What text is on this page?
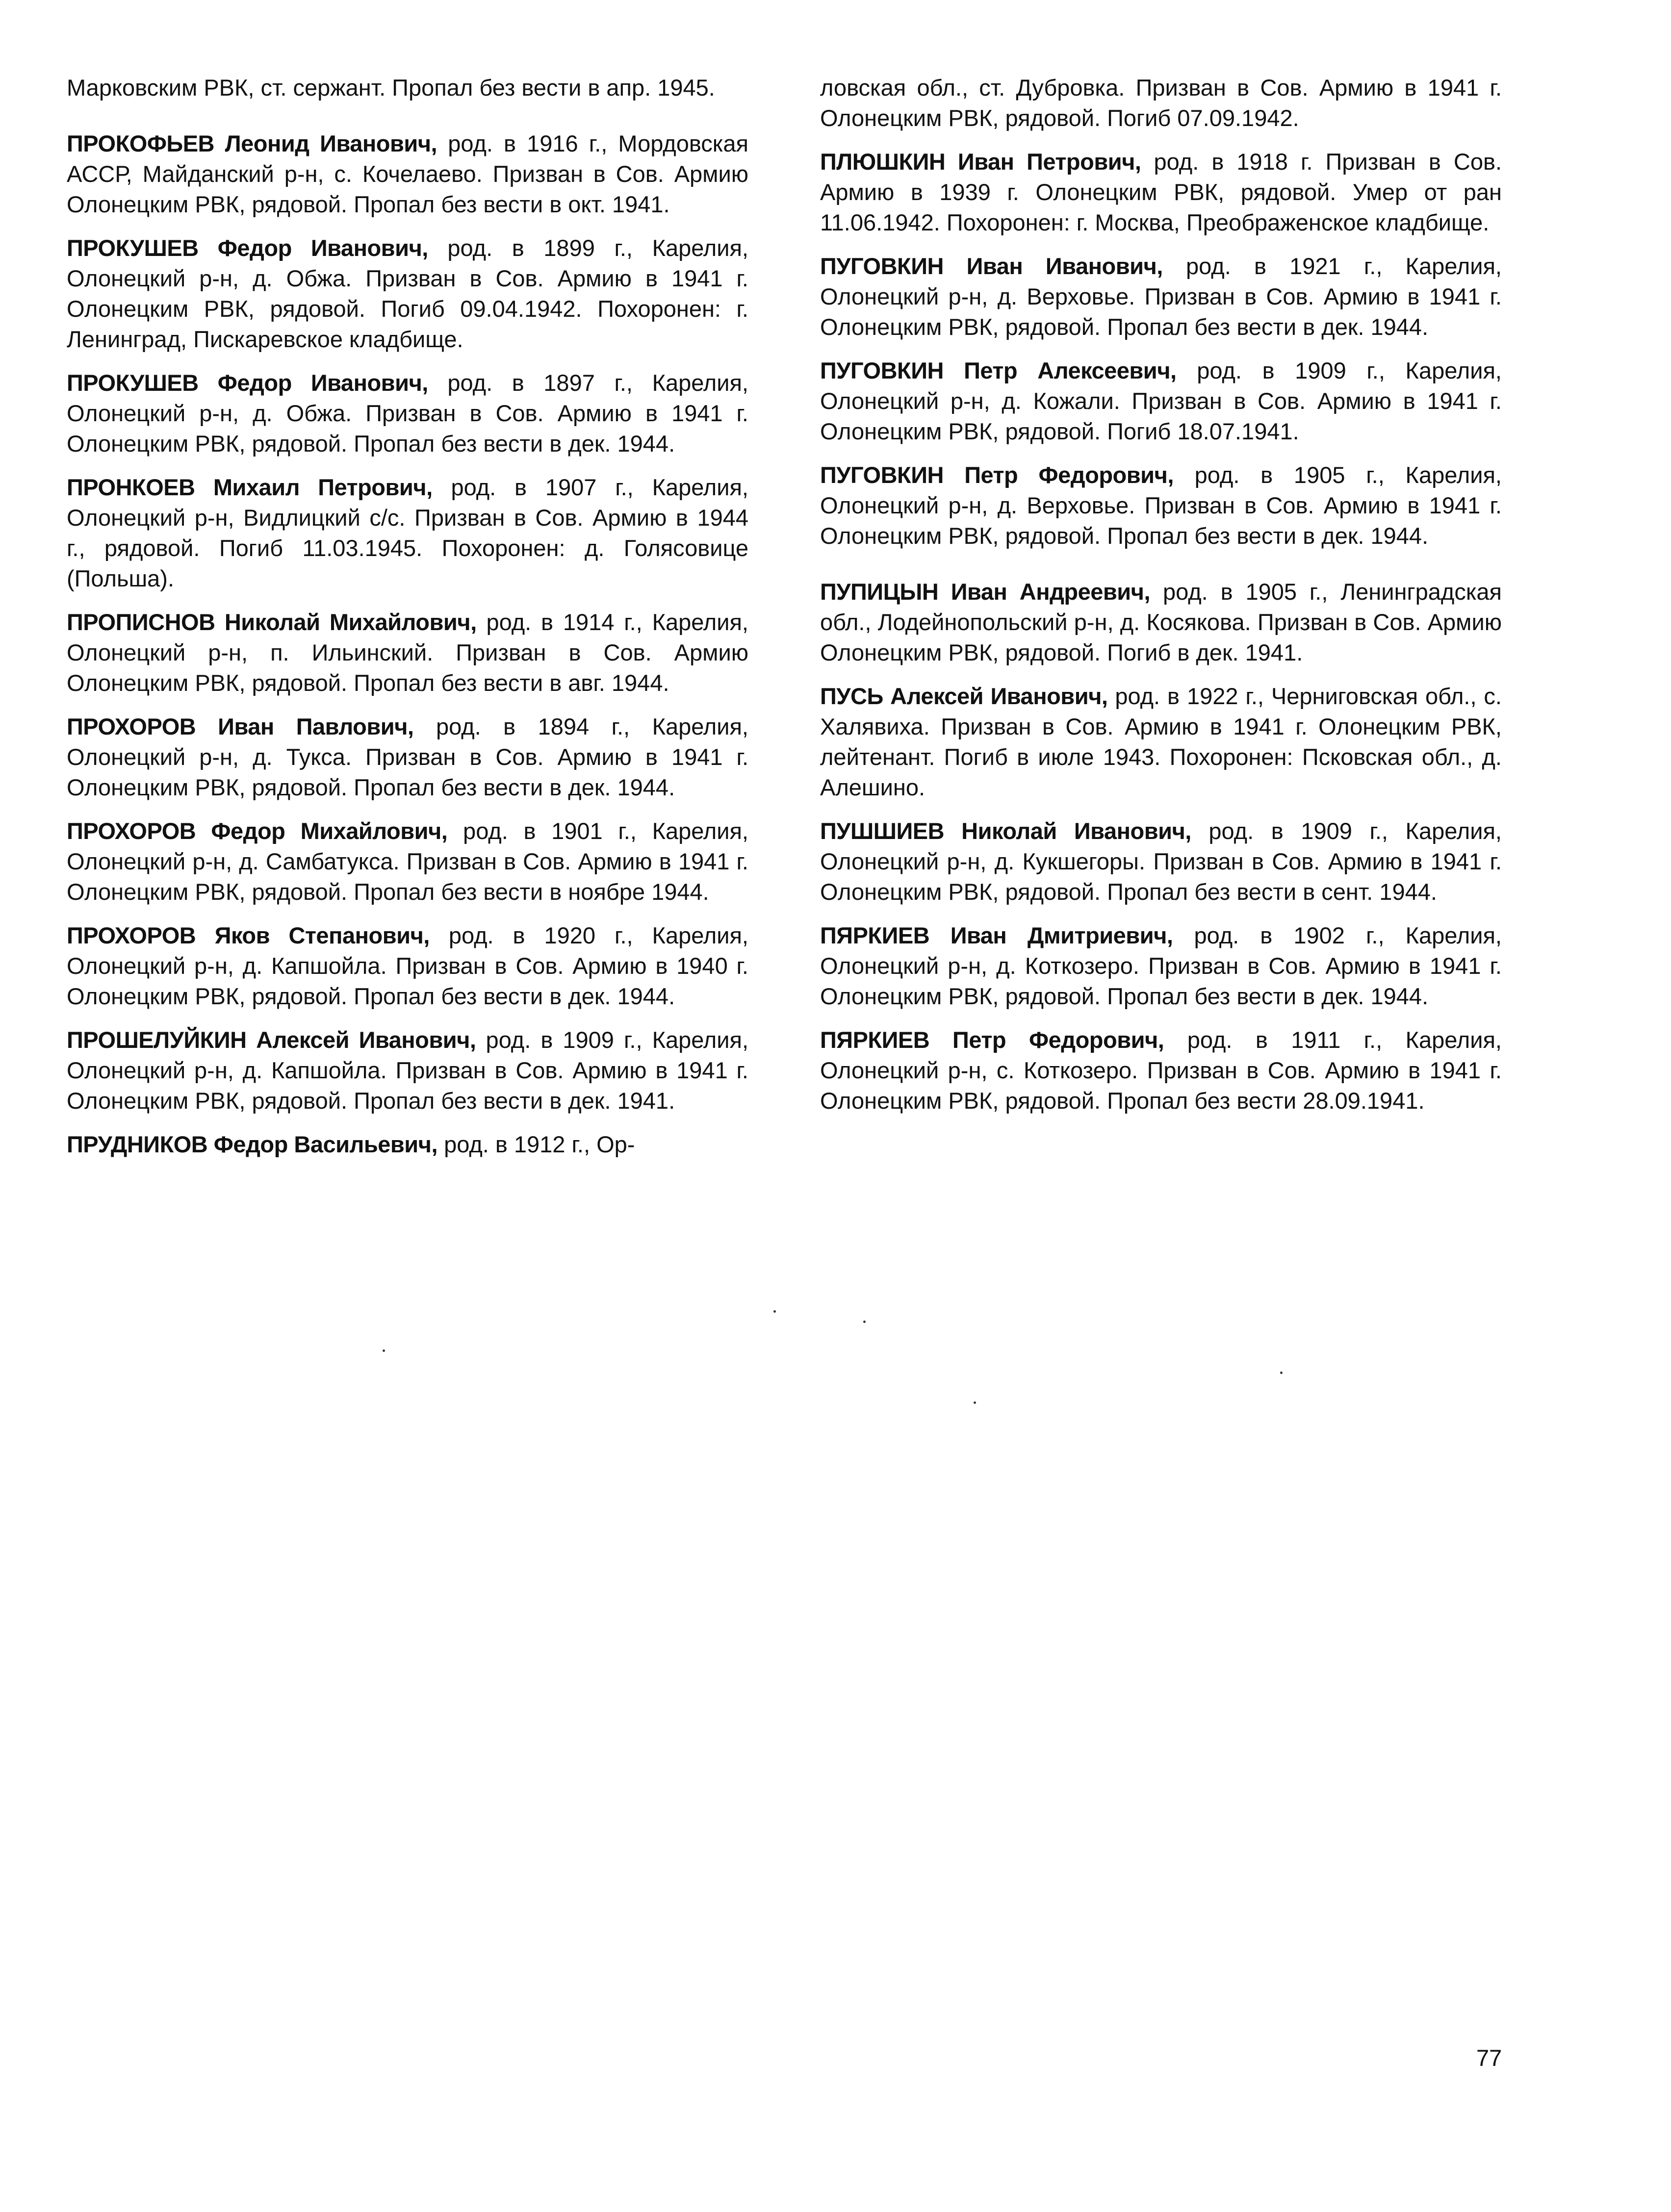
Марковским РВК, ст. сержант. Пропал без вести в апр. 1945.

ПРОКОФЬЕВ Леонид Иванович, род. в 1916 г., Мордовская АССР, Майданский р-н, с. Кочелаево. Призван в Сов. Армию Олонецким РВК, рядовой. Пропал без вести в окт. 1941.

ПРОКУШЕВ Федор Иванович, род. в 1899 г., Карелия, Олонецкий р-н, д. Обжа. Призван в Сов. Армию в 1941 г. Олонецким РВК, рядовой. Погиб 09.04.1942. Похоронен: г. Ленинград, Пискаревское кладбище.

ПРОКУШЕВ Федор Иванович, род. в 1897 г., Карелия, Олонецкий р-н, д. Обжа. Призван в Сов. Армию в 1941 г. Олонецким РВК, рядовой. Пропал без вести в дек. 1944.

ПРОНКОЕВ Михаил Петрович, род. в 1907 г., Карелия, Олонецкий р-н, Видлицкий с/с. Призван в Сов. Армию в 1944 г., рядовой. Погиб 11.03.1945. Похоронен: д. Голясовице (Польша).

ПРОПИСНОВ Николай Михайлович, род. в 1914 г., Карелия, Олонецкий р-н, п. Ильинский. Призван в Сов. Армию Олонецким РВК, рядовой. Пропал без вести в авг. 1944.

ПРОХОРОВ Иван Павлович, род. в 1894 г., Карелия, Олонецкий р-н, д. Тукса. Призван в Сов. Армию в 1941 г. Олонецким РВК, рядовой. Пропал без вести в дек. 1944.

ПРОХОРОВ Федор Михайлович, род. в 1901 г., Карелия, Олонецкий р-н, д. Самбатукса. Призван в Сов. Армию в 1941 г. Олонецким РВК, рядовой. Пропал без вести в ноябре 1944.

ПРОХОРОВ Яков Степанович, род. в 1920 г., Карелия, Олонецкий р-н, д. Капшойла. Призван в Сов. Армию в 1940 г. Олонецким РВК, рядовой. Пропал без вести в дек. 1944.

ПРОШЕЛУЙКИН Алексей Иванович, род. в 1909 г., Карелия, Олонецкий р-н, д. Капшойла. Призван в Сов. Армию в 1941 г. Олонецким РВК, рядовой. Пропал без вести в дек. 1941.

ПРУДНИКОВ Федор Васильевич, род. в 1912 г., Ор-

ловская обл., ст. Дубровка. Призван в Сов. Армию в 1941 г. Олонецким РВК, рядовой. Погиб 07.09.1942.

ПЛЮШКИН Иван Петрович, род. в 1918 г. Призван в Сов. Армию в 1939 г. Олонецким РВК, рядовой. Умер от ран 11.06.1942. Похоронен: г. Москва, Преображенское кладбище.

ПУГОВКИН Иван Иванович, род. в 1921 г., Карелия, Олонецкий р-н, д. Верховье. Призван в Сов. Армию в 1941 г. Олонецким РВК, рядовой. Пропал без вести в дек. 1944.

ПУГОВКИН Петр Алексеевич, род. в 1909 г., Карелия, Олонецкий р-н, д. Кожали. Призван в Сов. Армию в 1941 г. Олонецким РВК, рядовой. Погиб 18.07.1941.

ПУГОВКИН Петр Федорович, род. в 1905 г., Карелия, Олонецкий р-н, д. Верховье. Призван в Сов. Армию в 1941 г. Олонецким РВК, рядовой. Пропал без вести в дек. 1944.

ПУПИЦЫН Иван Андреевич, род. в 1905 г., Ленинградская обл., Лодейнопольский р-н, д. Косякова. Призван в Сов. Армию Олонецким РВК, рядовой. Погиб в дек. 1941.

ПУСЬ Алексей Иванович, род. в 1922 г., Черниговская обл., с. Халявиха. Призван в Сов. Армию в 1941 г. Олонецким РВК, лейтенант. Погиб в июле 1943. Похоронен: Псковская обл., д. Алешино.

ПУШШИЕВ Николай Иванович, род. в 1909 г., Карелия, Олонецкий р-н, д. Кукшегоры. Призван в Сов. Армию в 1941 г. Олонецким РВК, рядовой. Пропал без вести в сент. 1944.

ПЯРКИЕВ Иван Дмитриевич, род. в 1902 г., Карелия, Олонецкий р-н, д. Коткозеро. Призван в Сов. Армию в 1941 г. Олонецким РВК, рядовой. Пропал без вести в дек. 1944.

ПЯРКИЕВ Петр Федорович, род. в 1911 г., Карелия, Олонецкий р-н, с. Коткозеро. Призван в Сов. Армию в 1941 г. Олонецким РВК, рядовой. Пропал без вести 28.09.1941.

77
